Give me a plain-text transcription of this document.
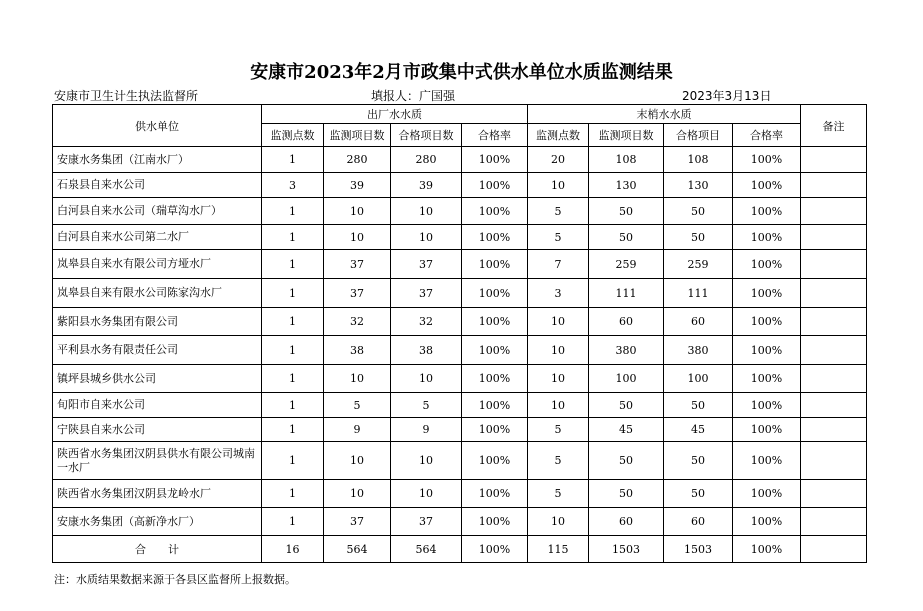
安康市2023年2月市政集中式供水单位水质监测结果
安康市卫生计生执法监督所	填报人：广国强	2023年3月13日
供水单位	出厂水水质				末梢水水质				备注
	监测点数	监测项目数	合格项目数	合格率	监测点数	监测项目数	合格项目	合格率	
安康水务集团（江南水厂）	1	280	280	100%	20	108	108	100%	
石泉县自来水公司	3	39	39	100%	10	130	130	100%	
白河县自来水公司（瑞草沟水厂）	1	10	10	100%	5	50	50	100%	
白河县自来水公司第二水厂	1	10	10	100%	5	50	50	100%	
岚皋县自来水有限公司方垭水厂	1	37	37	100%	7	259	259	100%	
岚皋县自来有限水公司陈家沟水厂	1	37	37	100%	3	111	111	100%	
紫阳县水务集团有限公司	1	32	32	100%	10	60	60	100%	
平利县水务有限责任公司	1	38	38	100%	10	380	380	100%	
镇坪县城乡供水公司	1	10	10	100%	10	100	100	100%	
旬阳市自来水公司	1	5	5	100%	10	50	50	100%	
宁陕县自来水公司	1	9	9	100%	5	45	45	100%	
陕西省水务集团汉阴县供水有限公司城南一水厂	1	10	10	100%	5	50	50	100%	
陕西省水务集团汉阴县龙岭水厂	1	10	10	100%	5	50	50	100%	
安康水务集团（高新净水厂）	1	37	37	100%	10	60	60	100%	
合　　计	16	564	564	100%	115	1503	1503	100%	
注：水质结果数据来源于各县区监督所上报数据。
